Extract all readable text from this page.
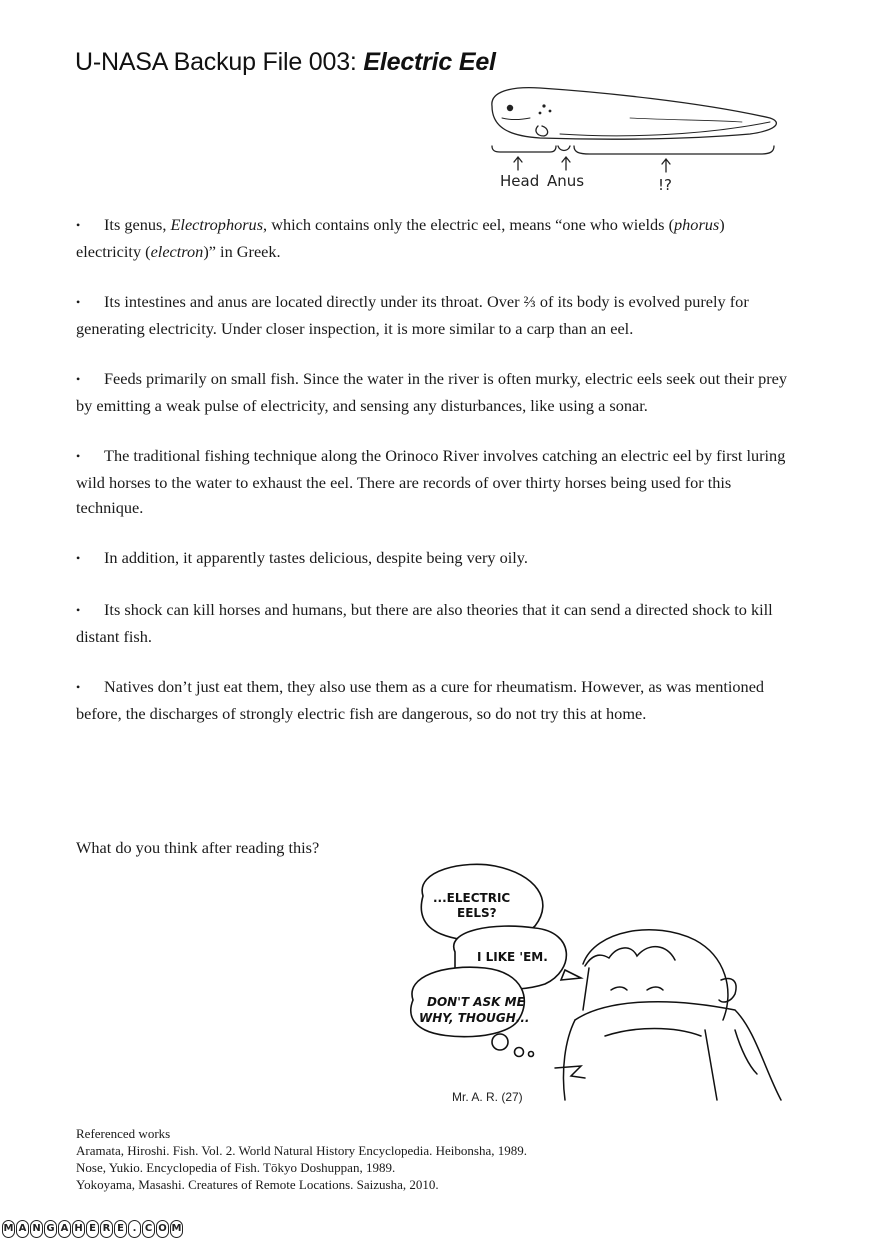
U-NASA Backup File 003: Electric Eel
Head Anus	!?
•Its genus, Electrophorus, which contains only the electric eel, means “one who wields (phorus) electricity (electron)” in Greek.
•Its intestines and anus are located directly under its throat. Over ⅔ of its body is evolved purely for generating electricity. Under closer inspection, it is more similar to a carp than an eel.
•Feeds primarily on small fish. Since the water in the river is often murky, electric eels seek out their prey by emitting a weak pulse of electricity, and sensing any disturbances, like using a sonar.
•The traditional fishing technique along the Orinoco River involves catching an electric eel by first luring wild horses to the water to exhaust the eel. There are records of over thirty horses being used for this technique.
•In addition, it apparently tastes delicious, despite being very oily.
•Its shock can kill horses and humans, but there are also theories that it can send a directed shock to kill distant fish.
•Natives don’t just eat them, they also use them as a cure for rheumatism. However, as was mentioned before, the discharges of strongly electric fish are dangerous, so do not try this at home.

What do you think after reading this?

...ELECTRIC
EELS?
I LIKE 'EM.
DON'T ASK ME
WHY, THOUGH...
Mr. A. R. (27)
Referenced works
Aramata, Hiroshi. Fish. Vol. 2. World Natural History Encyclopedia. Heibonsha, 1989.
Nose, Yukio. Encyclopedia of Fish. Tōkyo Doshuppan, 1989.
Yokoyama, Masashi. Creatures of Remote Locations. Saizusha, 2010.
M A N G A H E R E . C O M
